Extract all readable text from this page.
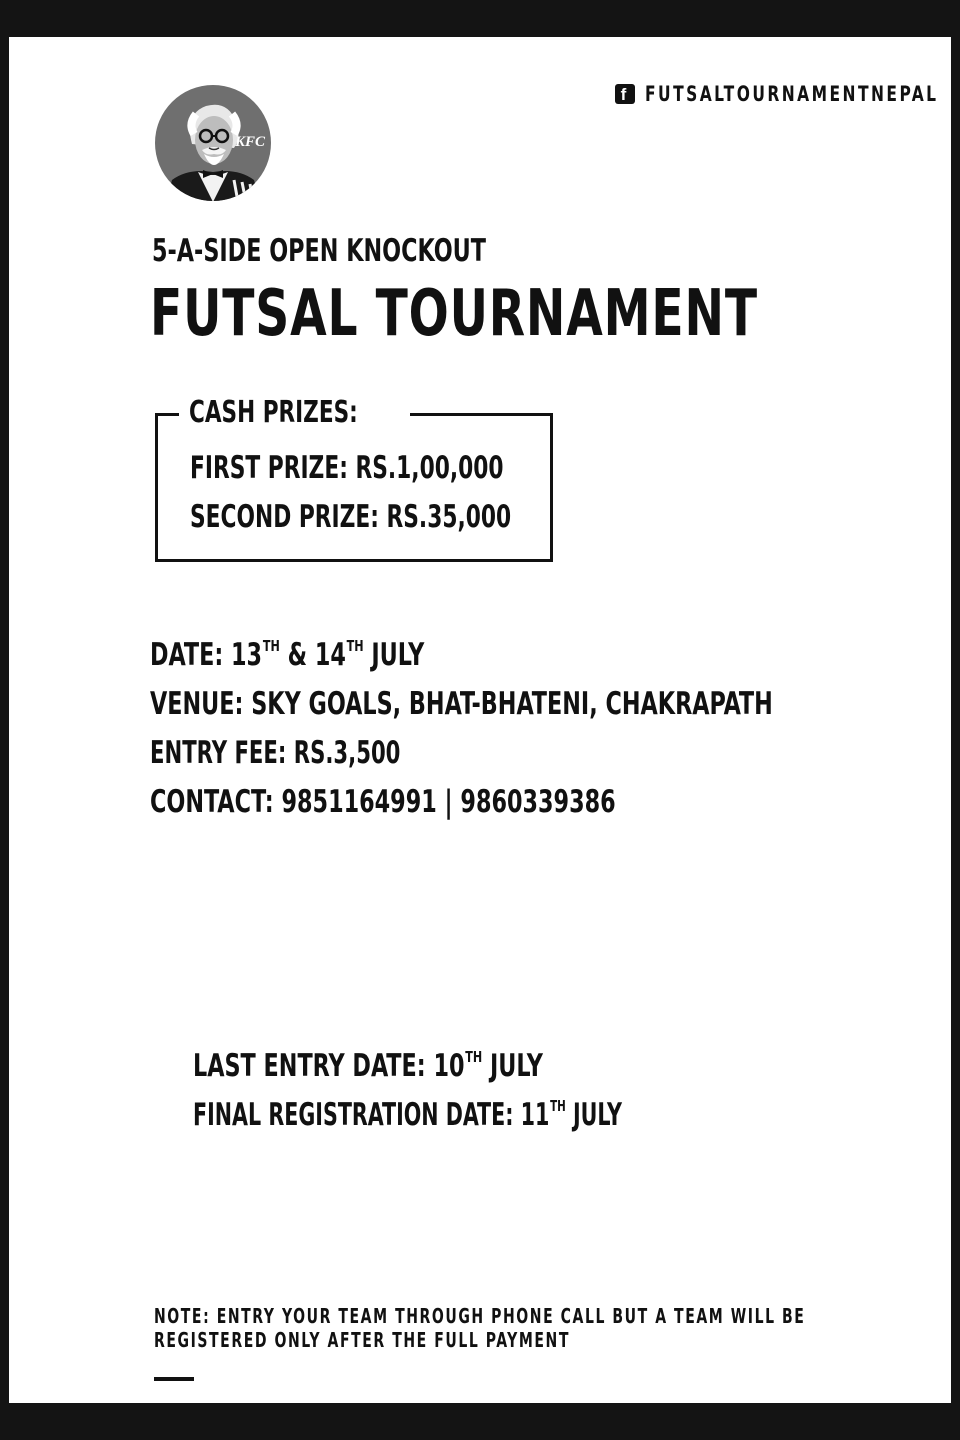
f FUTSALTOURNAMENTNEPAL
KFC
5-A-SIDE OPEN KNOCKOUT
FUTSAL TOURNAMENT
CASH PRIZES:
FIRST PRIZE: RS.1,00,000
SECOND PRIZE: RS.35,000
DATE: 13TH & 14TH JULY
VENUE: SKY GOALS, BHAT-BHATENI, CHAKRAPATH
ENTRY FEE: RS.3,500
CONTACT: 9851164991 | 9860339386
LAST ENTRY DATE: 10TH JULY
FINAL REGISTRATION DATE: 11TH JULY
NOTE: ENTRY YOUR TEAM THROUGH PHONE CALL BUT A TEAM WILL BE
REGISTERED ONLY AFTER THE FULL PAYMENT
